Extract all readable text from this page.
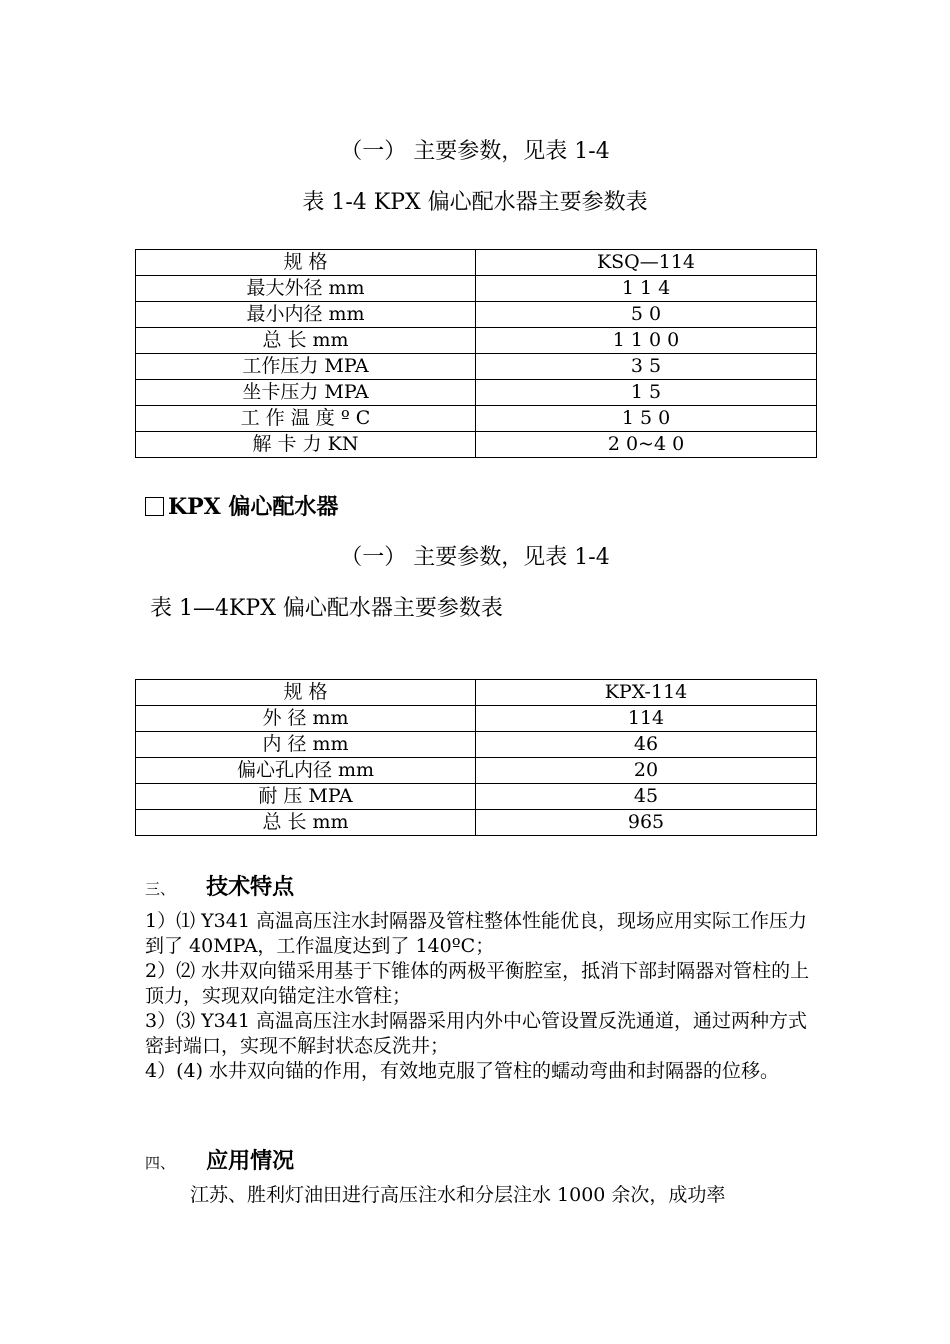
（一） 主要参数，见表 1-4
表 1-4 KPX 偏心配水器主要参数表
规 格	KSQ—114
最大外径 mm	1 1 4
最小内径 mm	5 0
总 长 mm	1 1 0 0
工作压力 MPA	3 5
坐卡压力 MPA	1 5
工 作 温 度 º C	1 5 0
解 卡 力 KN	2 0~4 0
KPX 偏心配水器
（一） 主要参数，见表 1-4
表 1—4KPX 偏心配水器主要参数表
规 格	KPX-114
外 径 mm	114
内 径 mm	46
偏心孔内径 mm	20
耐 压 MPA	45
总 长 mm	965
三、 技术特点
1）⑴ Y341 高温高压注水封隔器及管柱整体性能优良，现场应用实际工作压力到了 40MPA，工作温度达到了 140ºC；
2）⑵ 水井双向锚采用基于下锥体的两极平衡腔室，抵消下部封隔器对管柱的上顶力，实现双向锚定注水管柱；
3）⑶ Y341 高温高压注水封隔器采用内外中心管设置反洗通道，通过两种方式密封端口，实现不解封状态反洗井；
4）(4) 水井双向锚的作用，有效地克服了管柱的蠕动弯曲和封隔器的位移。
四、 应用情况
江苏、胜利灯油田进行高压注水和分层注水 1000 余次，成功率
